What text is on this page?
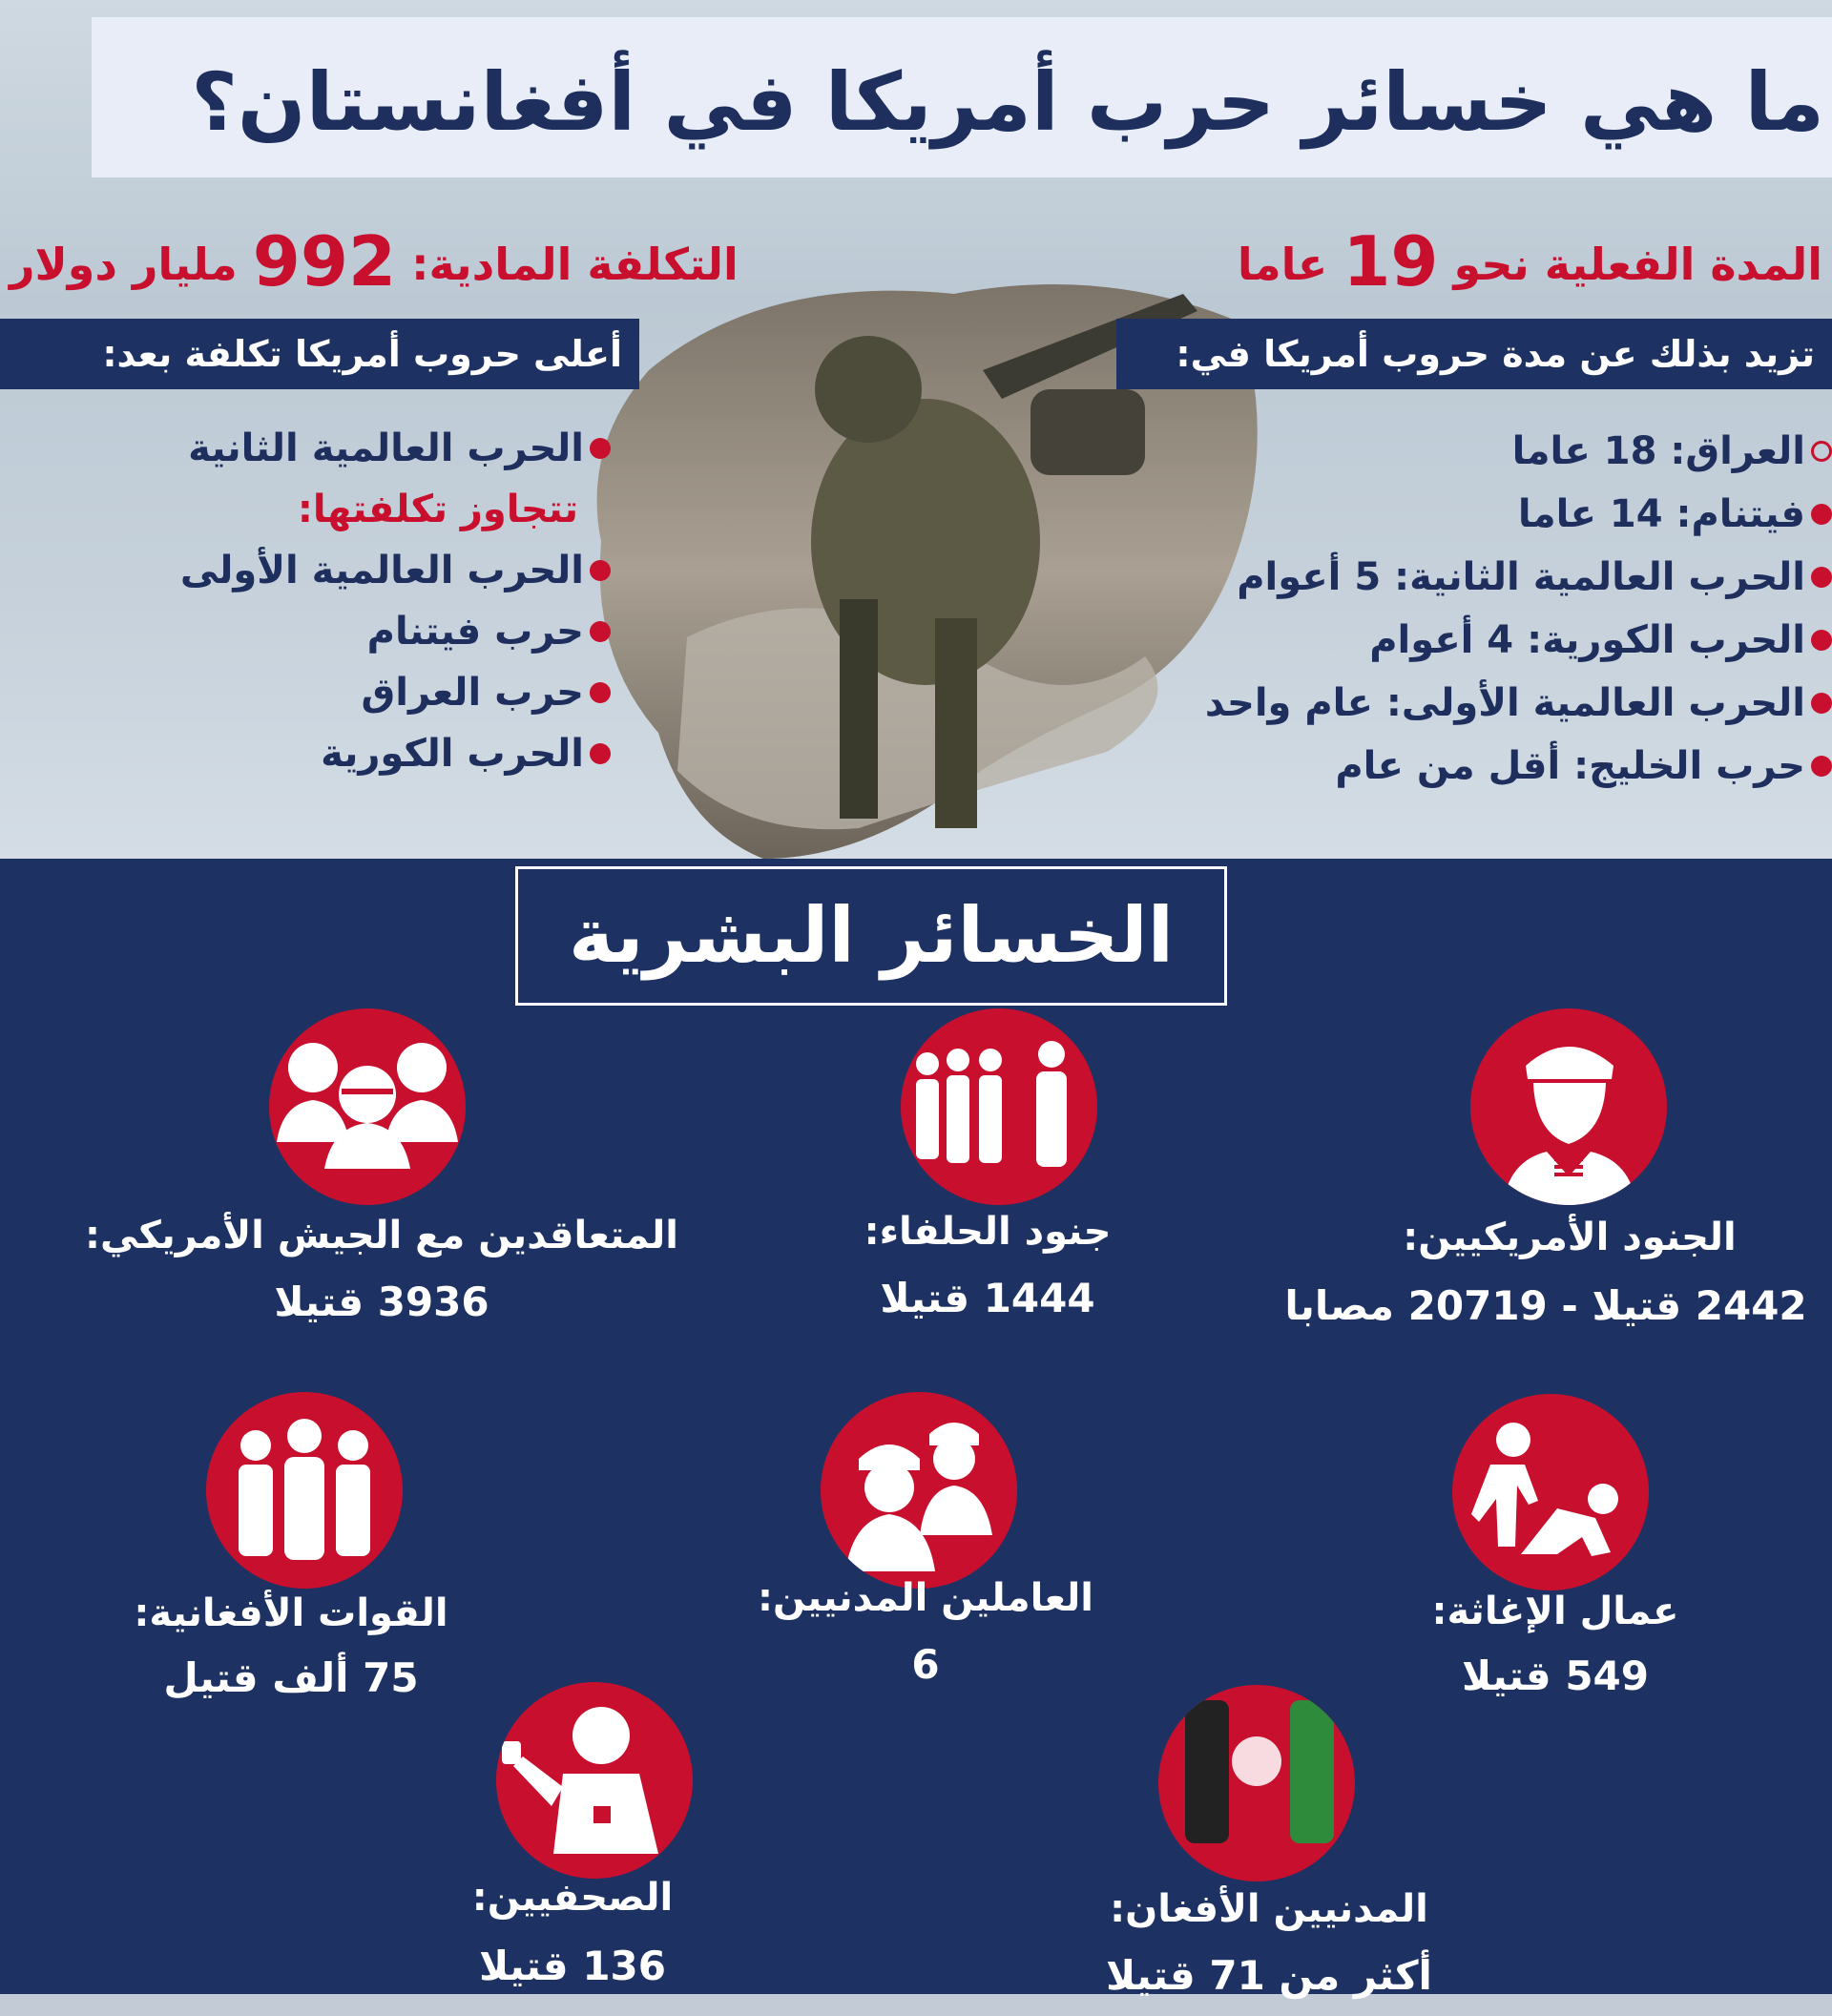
ما هي خسائر حرب أمريكا في أفغانستان؟
المدة الفعلية نحو 19 عاما
التكلفة المادية: 992 مليار دولار
تزيد بذلك عن مدة حروب أمريكا في:
أعلى حروب أمريكا تكلفة بعد:
العراق: 18 عاما
فيتنام: 14 عاما
الحرب العالمية الثانية: 5 أعوام
الحرب الكورية: 4 أعوام
الحرب العالمية الأولى: عام واحد
حرب الخليج: أقل من عام
الحرب العالمية الثانية
تتجاوز تكلفتها:
الحرب العالمية الأولى
حرب فيتنام
حرب العراق
الحرب الكورية
الخسائر البشرية
الجنود الأمريكيين:
2442 قتيلا - 20719 مصابا
جنود الحلفاء:
1444 قتيلا
المتعاقدين مع الجيش الأمريكي:
3936 قتيلا
عمال الإغاثة:
549 قتيلا
العاملين المدنيين:
6
القوات الأفغانية:
75 ألف قتيل
المدنيين الأفغان:
أكثر من 71 قتيلا
الصحفيين:
136 قتيلا
